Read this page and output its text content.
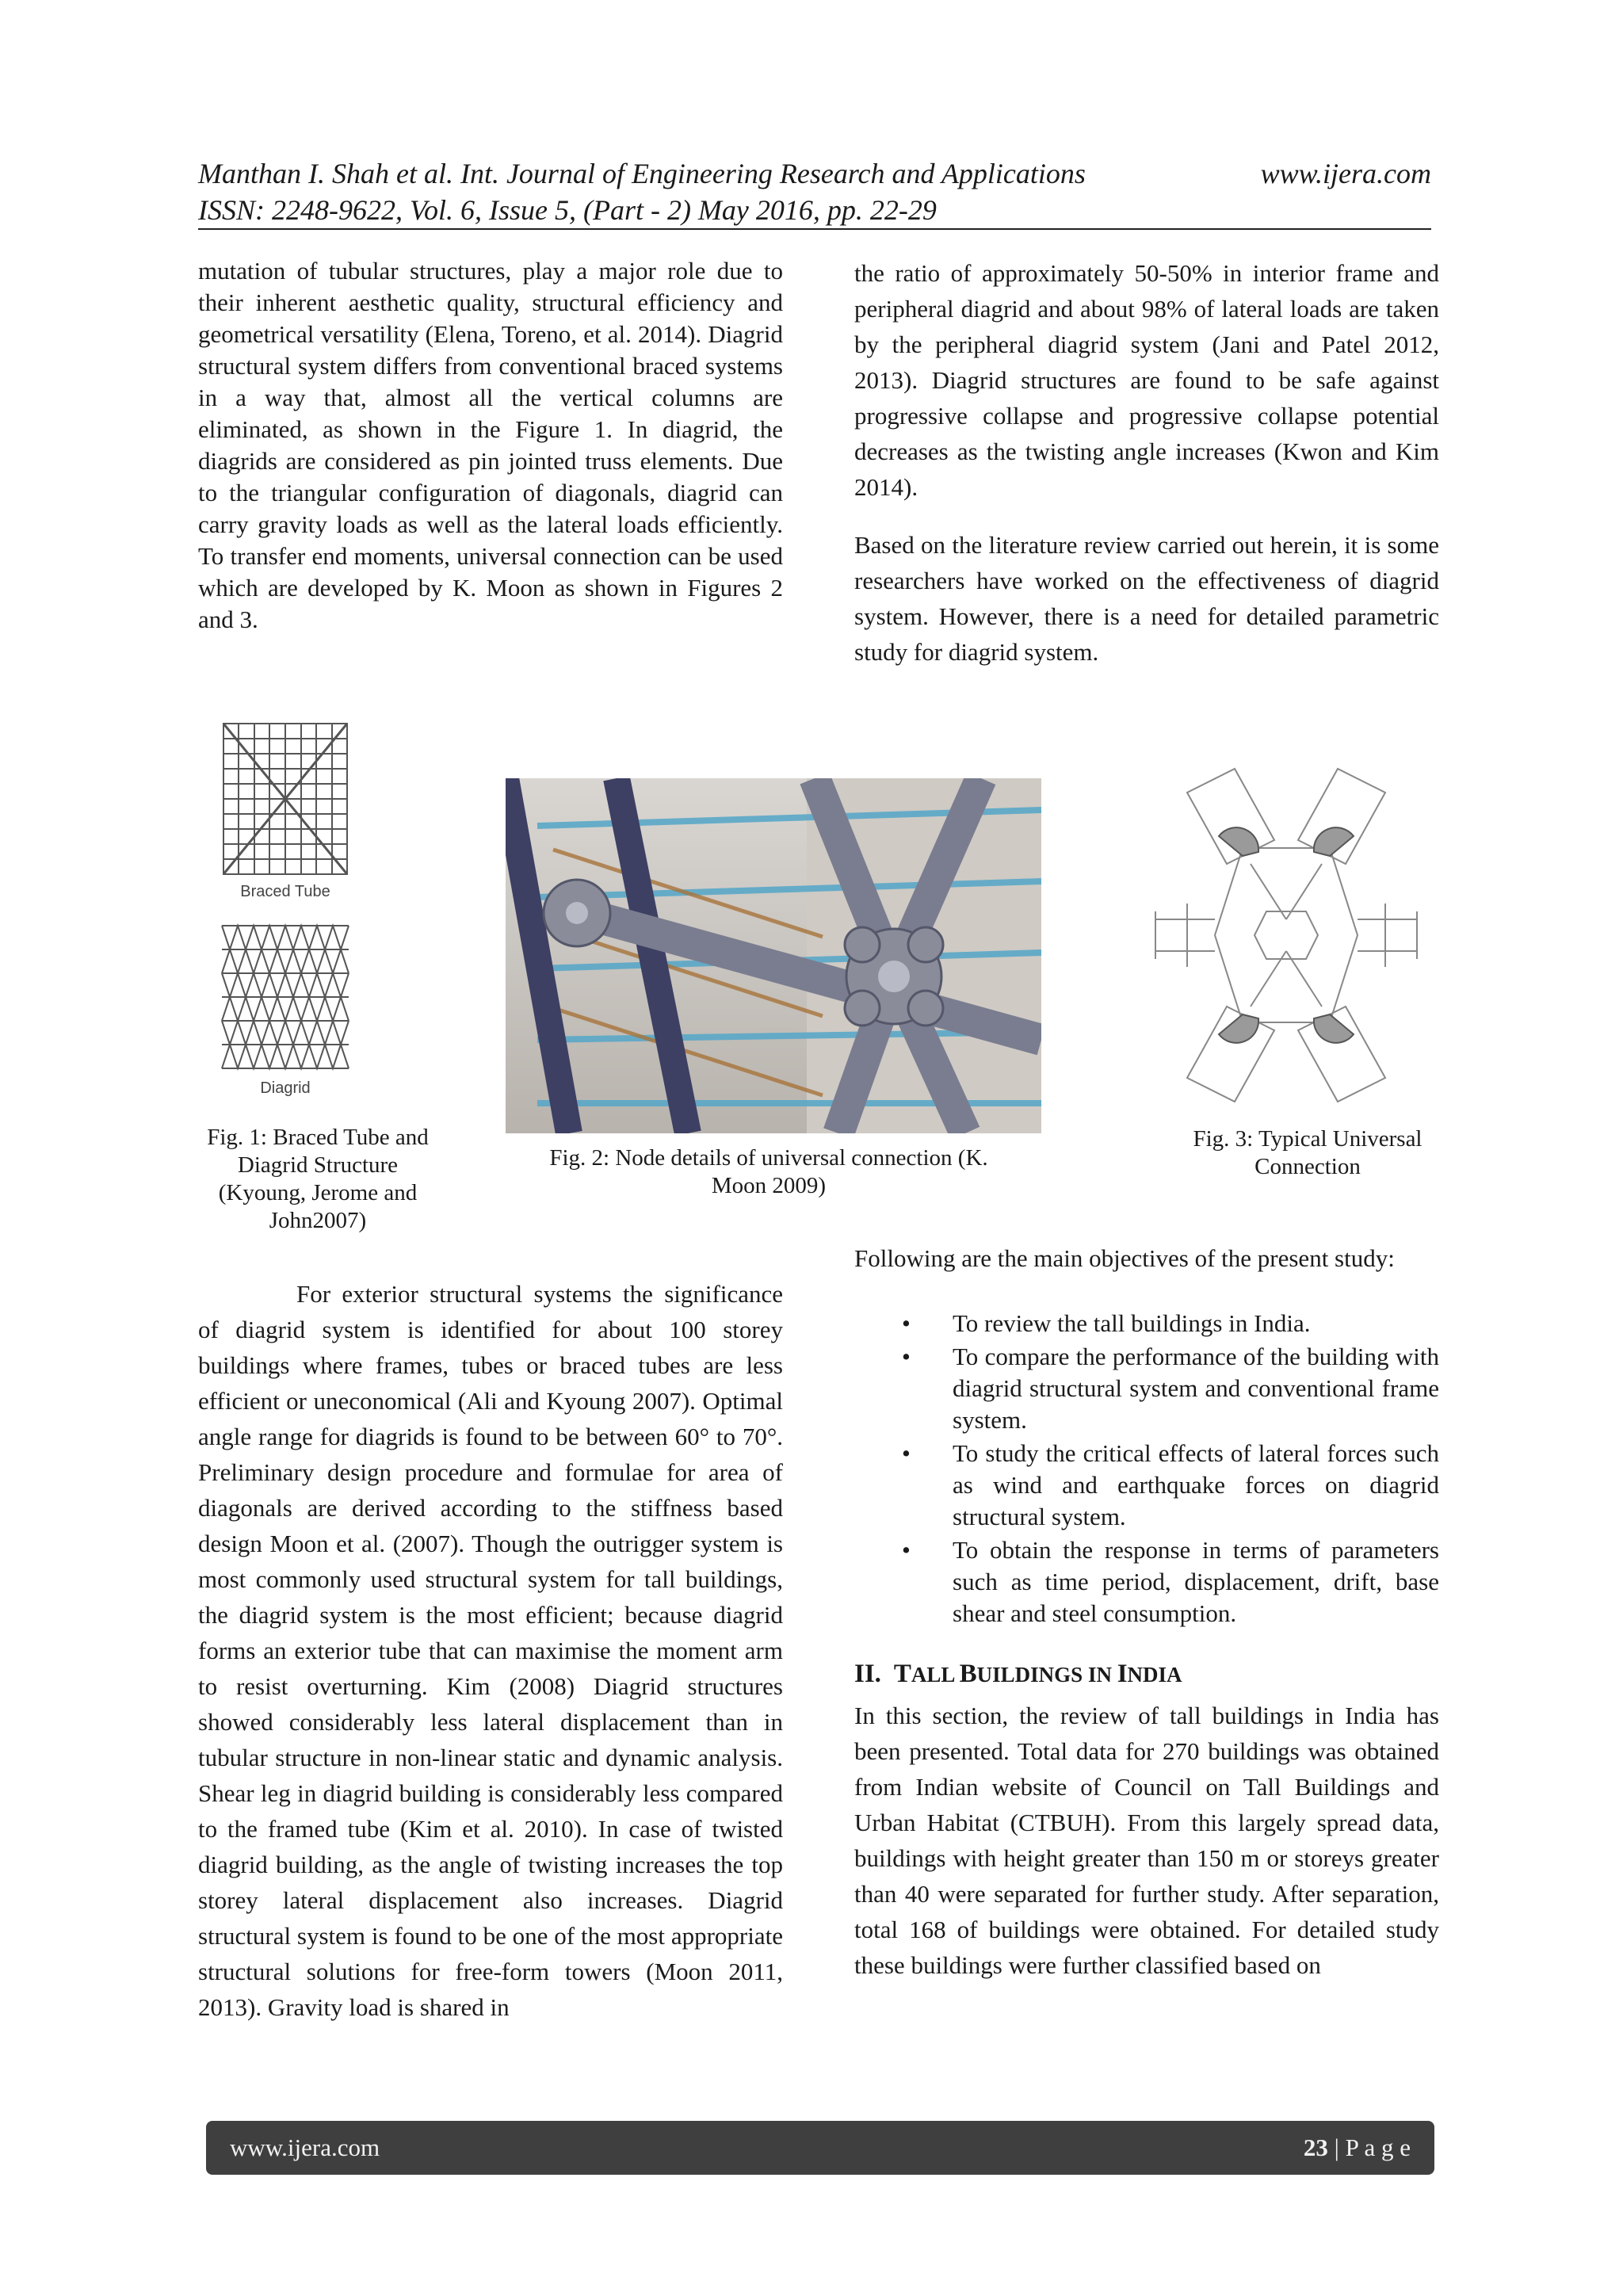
Manthan I. Shah et al. Int. Journal of Engineering Research and Applications	www.ijera.com
ISSN: 2248-9622, Vol. 6, Issue 5, (Part - 2) May 2016, pp. 22-29

mutation of tubular structures, play a major role due to their inherent aesthetic quality, structural efficiency and geometrical versatility (Elena, Toreno, et al. 2014). Diagrid structural system differs from conventional braced systems in a way that, almost all the vertical columns are eliminated, as shown in the Figure 1. In diagrid, the diagrids are considered as pin jointed truss elements. Due to the triangular configuration of diagonals, diagrid can carry gravity loads as well as the lateral loads efficiently. To transfer end moments, universal connection can be used which are developed by K. Moon as shown in Figures 2 and 3.

the ratio of approximately 50-50% in interior frame and peripheral diagrid and about 98% of lateral loads are taken by the peripheral diagrid system (Jani and Patel 2012, 2013). Diagrid structures are found to be safe against progressive collapse and progressive collapse potential decreases as the twisting angle increases (Kwon and Kim 2014).

Based on the literature review carried out herein, it is some researchers have worked on the effectiveness of diagrid system. However, there is a need for detailed parametric study for diagrid system.

Braced Tube
Diagrid
Fig. 1: Braced Tube and Diagrid Structure (Kyoung, Jerome and John2007)
Fig. 2: Node details of universal connection (K. Moon 2009)
Fig. 3: Typical Universal Connection

For exterior structural systems the significance of diagrid system is identified for about 100 storey buildings where frames, tubes or braced tubes are less efficient or uneconomical (Ali and Kyoung 2007). Optimal angle range for diagrids is found to be between 60° to 70°. Preliminary design procedure and formulae for area of diagonals are derived according to the stiffness based design Moon et al. (2007). Though the outrigger system is most commonly used structural system for tall buildings, the diagrid system is the most efficient; because diagrid forms an exterior tube that can maximise the moment arm to resist overturning. Kim (2008) Diagrid structures showed considerably less lateral displacement than in tubular structure in non-linear static and dynamic analysis. Shear leg in diagrid building is considerably less compared to the framed tube (Kim et al. 2010). In case of twisted diagrid building, as the angle of twisting increases the top storey lateral displacement also increases. Diagrid structural system is found to be one of the most appropriate structural solutions for free-form towers (Moon 2011, 2013). Gravity load is shared in

Following are the main objectives of the present study:

• To review the tall buildings in India.
• To compare the performance of the building with diagrid structural system and conventional frame system.
• To study the critical effects of lateral forces such as wind and earthquake forces on diagrid structural system.
• To obtain the response in terms of parameters such as time period, displacement, drift, base shear and steel consumption.
II. TALL BUILDINGS IN INDIA

In this section, the review of tall buildings in India has been presented. Total data for 270 buildings was obtained from Indian website of Council on Tall Buildings and Urban Habitat (CTBUH). From this largely spread data, buildings with height greater than 150 m or storeys greater than 40 were separated for further study. After separation, total 168 of buildings were obtained. For detailed study these buildings were further classified based on

www.ijera.com	23 | P a g e
